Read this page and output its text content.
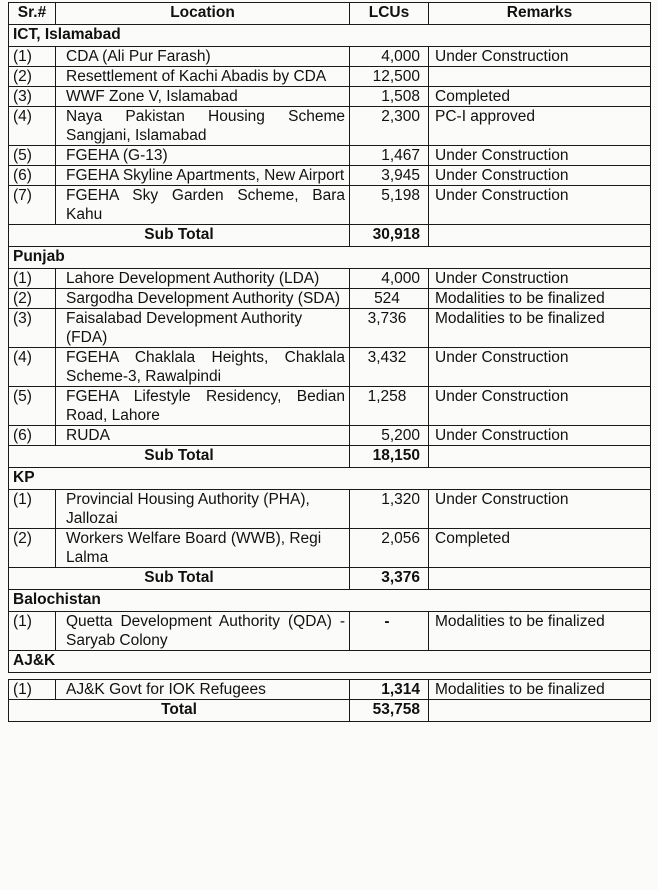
Sr.#	Location	LCUs	Remarks
ICT, Islamabad			
(1)	CDA (Ali Pur Farash)	4,000	Under Construction
(2)	Resettlement of Kachi Abadis by CDA	12,500	
(3)	WWF Zone V, Islamabad	1,508	Completed
(4)	Naya Pakistan Housing Scheme Sangjani, Islamabad	2,300	PC-I approved
(5)	FGEHA (G-13)	1,467	Under Construction
(6)	FGEHA Skyline Apartments, New Airport	3,945	Under Construction
(7)	FGEHA Sky Garden Scheme, Bara Kahu	5,198	Under Construction
Sub Total		30,918	
Punjab			
(1)	Lahore Development Authority (LDA)	4,000	Under Construction
(2)	Sargodha Development Authority (SDA)	524	Modalities to be finalized
(3)	Faisalabad Development Authority (FDA)	3,736	Modalities to be finalized
(4)	FGEHA Chaklala Heights, Chaklala Scheme-3, Rawalpindi	3,432	Under Construction
(5)	FGEHA Lifestyle Residency, Bedian Road, Lahore	1,258	Under Construction
(6)	RUDA	5,200	Under Construction
Sub Total		18,150	
KP			
(1)	Provincial Housing Authority (PHA), Jallozai	1,320	Under Construction
(2)	Workers Welfare Board (WWB), Regi Lalma	2,056	Completed
Sub Total		3,376	
Balochistan			
(1)	Quetta Development Authority (QDA) - Saryab Colony	-	Modalities to be finalized
AJ&K			

(1)	AJ&K Govt for IOK Refugees	1,314	Modalities to be finalized
Total		53,758	
